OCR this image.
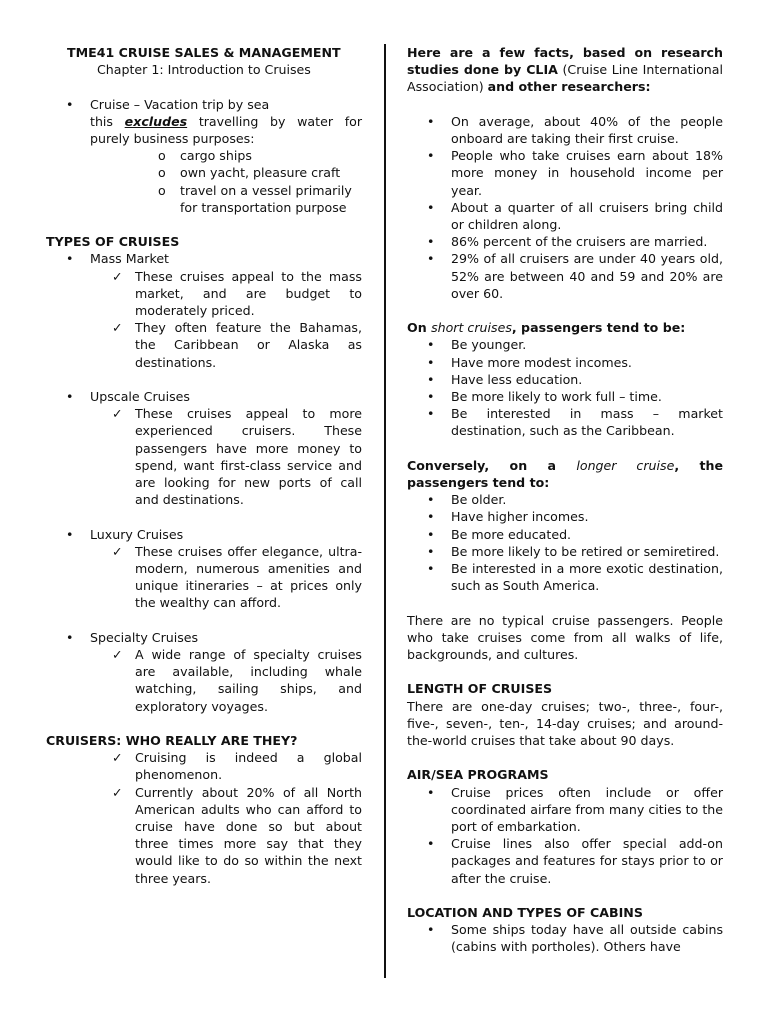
TME41 CRUISE SALES & MANAGEMENT

Chapter 1: Introduction to Cruises

• Cruise – Vacation trip by sea

this excludes travelling by water for purely business purposes:

o cargo ships
o own yacht, pleasure craft
o travel on a vessel primarily for transportation purpose

TYPES OF CRUISES

• Mass Market
✓ These cruises appeal to the mass market, and are budget to moderately priced.
✓ They often feature the Bahamas, the Caribbean or Alaska as destinations.
• Upscale Cruises
✓ These cruises appeal to more experienced cruisers. These passengers have more money to spend, want first-class service and are looking for new ports of call and destinations.
• Luxury Cruises
✓ These cruises offer elegance, ultra-modern, numerous amenities and unique itineraries – at prices only the wealthy can afford.
• Specialty Cruises
✓ A wide range of specialty cruises are available, including whale watching, sailing ships, and exploratory voyages.

CRUISERS: WHO REALLY ARE THEY?

✓ Cruising is indeed a global phenomenon.
✓ Currently about 20% of all North American adults who can afford to cruise have done so but about three times more say that they would like to do so within the next three years.

Here are a few facts, based on research studies done by CLIA (Cruise Line International Association) and other researchers:

• On average, about 40% of the people onboard are taking their first cruise.
• People who take cruises earn about 18% more money in household income per year.
• About a quarter of all cruisers bring child or children along.
• 86% percent of the cruisers are married.
• 29% of all cruisers are under 40 years old, 52% are between 40 and 59 and 20% are over 60.

On short cruises, passengers tend to be:

• Be younger.
• Have more modest incomes.
• Have less education.
• Be more likely to work full – time.
• Be interested in mass – market destination, such as the Caribbean.

Conversely, on a longer cruise, the passengers tend to:

• Be older.
• Have higher incomes.
• Be more educated.
• Be more likely to be retired or semiretired.
• Be interested in a more exotic destination, such as South America.

There are no typical cruise passengers. People who take cruises come from all walks of life, backgrounds, and cultures.

LENGTH OF CRUISES

There are one-day cruises; two-, three-, four-, five-, seven-, ten-, 14-day cruises; and around-the-world cruises that take about 90 days.

AIR/SEA PROGRAMS

• Cruise prices often include or offer coordinated airfare from many cities to the port of embarkation.
• Cruise lines also offer special add-on packages and features for stays prior to or after the cruise.

LOCATION AND TYPES OF CABINS

• Some ships today have all outside cabins (cabins with portholes). Others have
